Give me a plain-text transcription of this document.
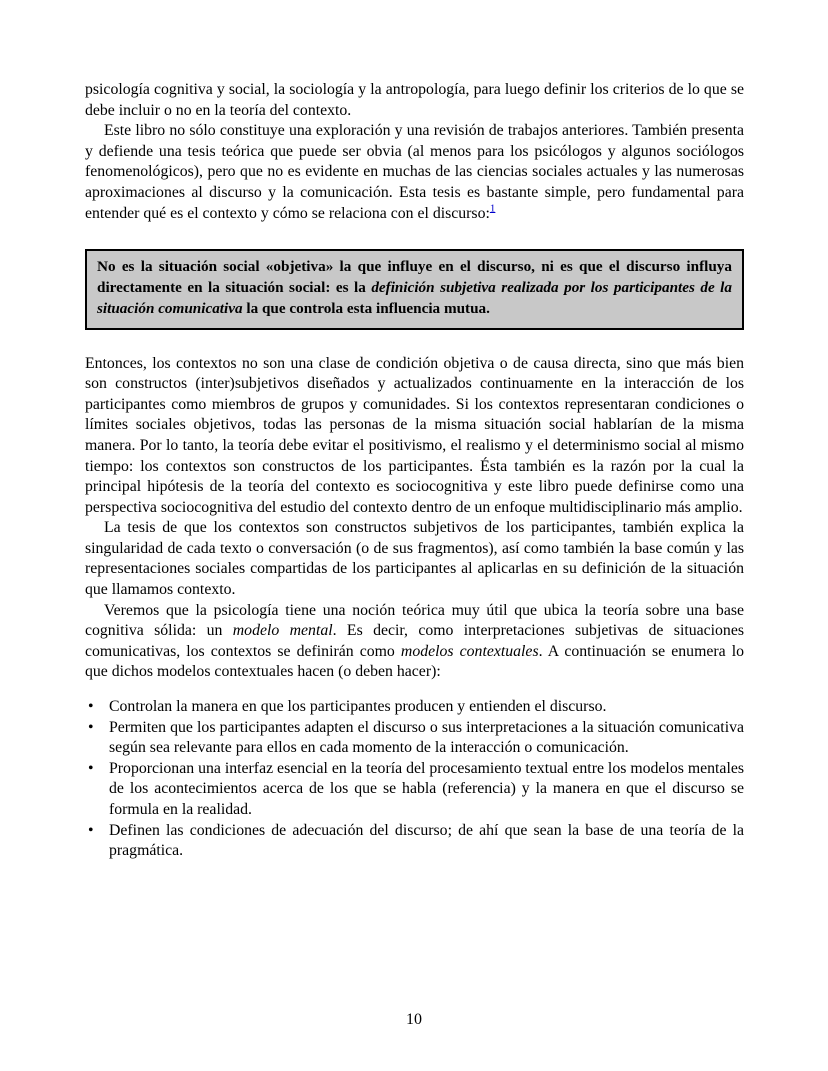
psicología cognitiva y social, la sociología y la antropología, para luego definir los criterios de lo que se debe incluir o no en la teoría del contexto.

Este libro no sólo constituye una exploración y una revisión de trabajos anteriores. También presenta y defiende una tesis teórica que puede ser obvia (al menos para los psicólogos y algunos sociólogos fenomenológicos), pero que no es evidente en muchas de las ciencias sociales actuales y las numerosas aproximaciones al discurso y la comunicación. Esta tesis es bastante simple, pero fundamental para entender qué es el contexto y cómo se relaciona con el discurso:$^1$

No es la situación social «objetiva» la que influye en el discurso, ni es que el discurso influya directamente en la situación social: es la definición subjetiva realizada por los participantes de la situación comunicativa la que controla esta influencia mutua.

Entonces, los contextos no son una clase de condición objetiva o de causa directa, sino que más bien son constructos (inter)subjetivos diseñados y actualizados continuamente en la interacción de los participantes como miembros de grupos y comunidades. Si los contextos representaran condiciones o límites sociales objetivos, todas las personas de la misma situación social hablarían de la misma manera. Por lo tanto, la teoría debe evitar el positivismo, el realismo y el determinismo social al mismo tiempo: los contextos son constructos de los participantes. Ésta también es la razón por la cual la principal hipótesis de la teoría del contexto es sociocognitiva y este libro puede definirse como una perspectiva sociocognitiva del estudio del contexto dentro de un enfoque multidisciplinario más amplio.

La tesis de que los contextos son constructos subjetivos de los participantes, también explica la singularidad de cada texto o conversación (o de sus fragmentos), así como también la base común y las representaciones sociales compartidas de los participantes al aplicarlas en su definición de la situación que llamamos contexto.

Veremos que la psicología tiene una noción teórica muy útil que ubica la teoría sobre una base cognitiva sólida: un modelo mental. Es decir, como interpretaciones subjetivas de situaciones comunicativas, los contextos se definirán como modelos contextuales. A continuación se enumera lo que dichos modelos contextuales hacen (o deben hacer):

• Controlan la manera en que los participantes producen y entienden el discurso.
• Permiten que los participantes adapten el discurso o sus interpretaciones a la situación comunicativa según sea relevante para ellos en cada momento de la interacción o comunicación.
• Proporcionan una interfaz esencial en la teoría del procesamiento textual entre los modelos mentales de los acontecimientos acerca de los que se habla (referencia) y la manera en que el discurso se formula en la realidad.
• Definen las condiciones de adecuación del discurso; de ahí que sean la base de una teoría de la pragmática.
10
